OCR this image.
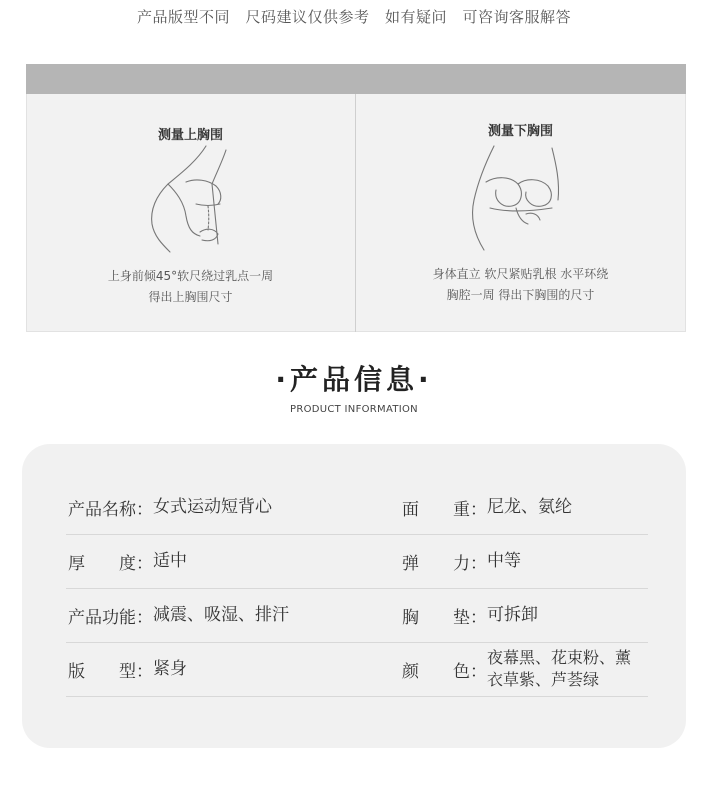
产品版型不同　尺码建议仅供参考　如有疑问　可咨询客服解答
测量上胸围
上身前倾45°软尺绕过乳点一周
得出上胸围尺寸
测量下胸围
身体直立 软尺紧贴乳根 水平环绕
胸腔一周 得出下胸围的尺寸
·产品信息·
PRODUCT INFORMATION
产品名称： 女式运动短背心	面　　重： 尼龙、氨纶
厚　　度： 适中	弹　　力： 中等
产品功能： 减震、吸湿、排汗	胸　　垫： 可拆卸
版　　型： 紧身	颜　　色：
夜幕黑、花束粉、薰衣草紫、芦荟绿
